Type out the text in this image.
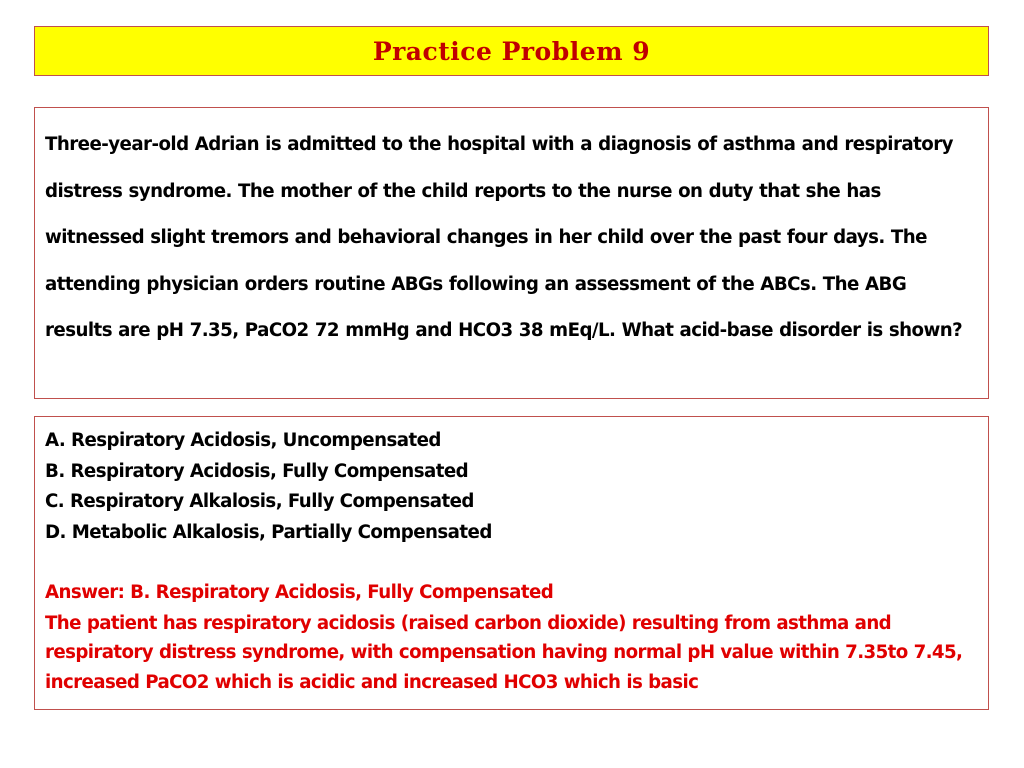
Practice Problem 9

Three-year-old Adrian is admitted to the hospital with a diagnosis of asthma and respiratory distress syndrome. The mother of the child reports to the nurse on duty that she has witnessed slight tremors and behavioral changes in her child over the past four days. The attending physician orders routine ABGs following an assessment of the ABCs. The ABG results are pH 7.35, PaCO2 72 mmHg and HCO3 38 mEq/L. What acid-base disorder is shown?

A. Respiratory Acidosis, Uncompensated

B. Respiratory Acidosis, Fully Compensated

C. Respiratory Alkalosis, Fully Compensated

D. Metabolic Alkalosis, Partially Compensated

Answer: B. Respiratory Acidosis, Fully Compensated

The patient has respiratory acidosis (raised carbon dioxide) resulting from asthma and respiratory distress syndrome, with compensation having normal pH value within 7.35to 7.45, increased PaCO2 which is acidic and increased HCO3 which is basic
